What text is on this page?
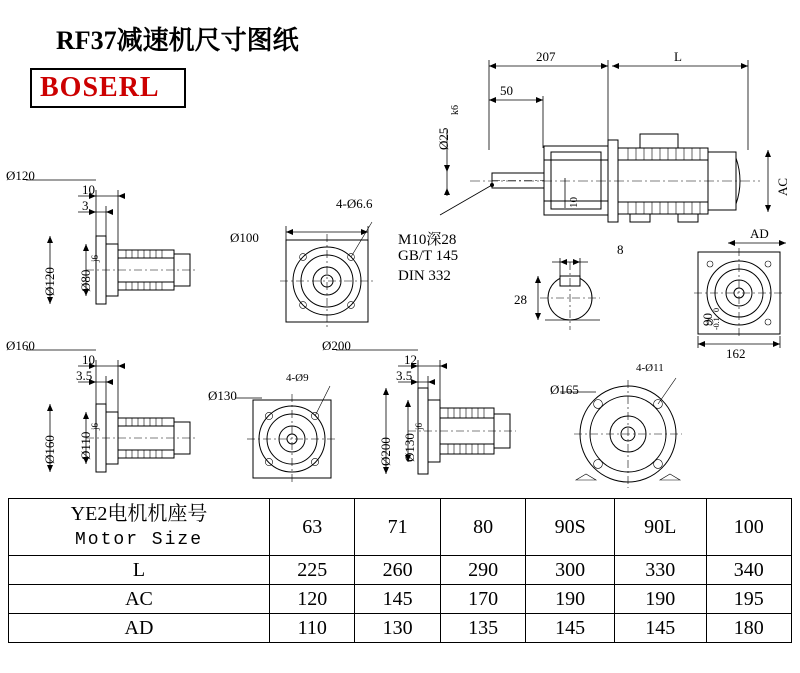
RF37减速机尺寸图纸
BOSERL
207	L
50
Ø25
k6
AC
10
M10深28
GB/T 145
DIN 332
8
28
AD
162
90
0
-0.1
Ø120
10
3
Ø120 Ø80
j6
Ø100
4-Ø6.6
Ø160
10
3.5
Ø160 Ø110
j6
Ø130
4-Ø9
Ø200
12
3.5
Ø200 Ø130
j6
Ø165
4-Ø11
YE2电机机座号
Motor Size	63	71	80	90S	90L	100
L	225	260	290	300	330	340
AC	120	145	170	190	190	195
AD	110	130	135	145	145	180
